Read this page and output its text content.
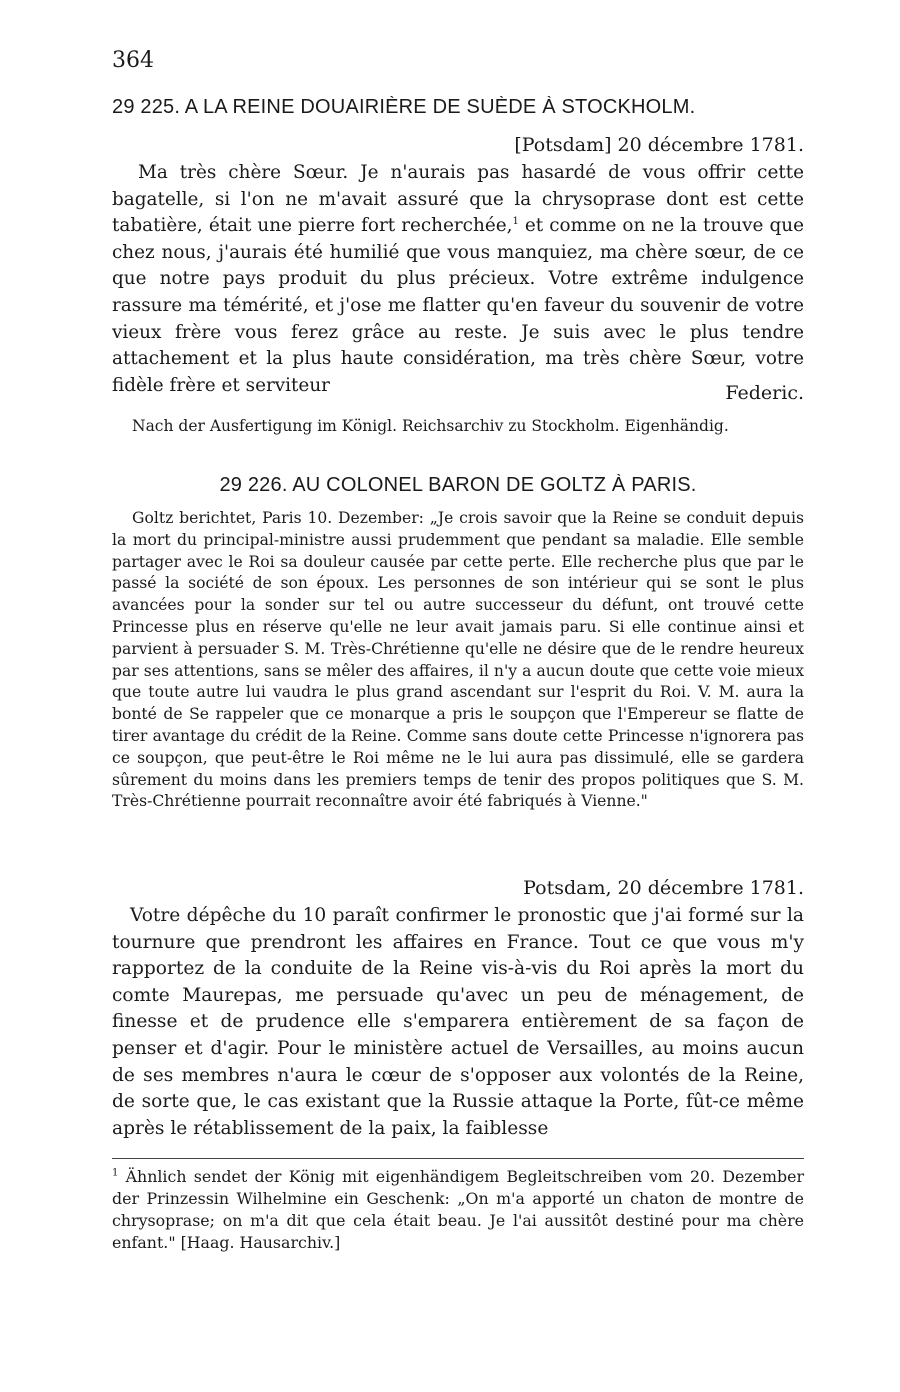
364
29 225. A LA REINE DOUAIRIÈRE DE SUÈDE À STOCKHOLM.
[Potsdam] 20 décembre 1781.
Ma très chère Sœur. Je n'aurais pas hasardé de vous offrir cette bagatelle, si l'on ne m'avait assuré que la chrysoprase dont est cette tabatière, était une pierre fort recherchée,$^1$ et comme on ne la trouve que chez nous, j'aurais été humilié que vous manquiez, ma chère sœur, de ce que notre pays produit du plus précieux. Votre extrême indulgence rassure ma témérité, et j'ose me flatter qu'en faveur du souvenir de votre vieux frère vous ferez grâce au reste. Je suis avec le plus tendre attachement et la plus haute considération, ma très chère Sœur, votre fidèle frère et serviteur	Federic.
Nach der Ausfertigung im Königl. Reichsarchiv zu Stockholm. Eigenhändig.
29 226. AU COLONEL BARON DE GOLTZ À PARIS.
Goltz berichtet, Paris 10. Dezember: „Je crois savoir que la Reine se conduit depuis la mort du principal-ministre aussi prudemment que pendant sa maladie. Elle semble partager avec le Roi sa douleur causée par cette perte. Elle recherche plus que par le passé la société de son époux. Les personnes de son intérieur qui se sont le plus avancées pour la sonder sur tel ou autre successeur du défunt, ont trouvé cette Princesse plus en réserve qu'elle ne leur avait jamais paru. Si elle continue ainsi et parvient à persuader S. M. Très-Chrétienne qu'elle ne désire que de le rendre heureux par ses attentions, sans se mêler des affaires, il n'y a aucun doute que cette voie mieux que toute autre lui vaudra le plus grand ascendant sur l'esprit du Roi. V. M. aura la bonté de Se rappeler que ce monarque a pris le soupçon que l'Empereur se flatte de tirer avantage du crédit de la Reine. Comme sans doute cette Princesse n'ignorera pas ce soupçon, que peut-être le Roi même ne le lui aura pas dissimulé, elle se gardera sûrement du moins dans les premiers temps de tenir des propos politiques que S. M. Très-Chrétienne pourrait reconnaître avoir été fabriqués à Vienne."
Potsdam, 20 décembre 1781.
Votre dépêche du 10 paraît confirmer le pronostic que j'ai formé sur la tournure que prendront les affaires en France. Tout ce que vous m'y rapportez de la conduite de la Reine vis-à-vis du Roi après la mort du comte Maurepas, me persuade qu'avec un peu de ménagement, de finesse et de prudence elle s'emparera entièrement de sa façon de penser et d'agir. Pour le ministère actuel de Versailles, au moins aucun de ses membres n'aura le cœur de s'opposer aux volontés de la Reine, de sorte que, le cas existant que la Russie attaque la Porte, fût-ce même après le rétablissement de la paix, la faiblesse
$^1$ Ähnlich sendet der König mit eigenhändigem Begleitschreiben vom 20. Dezember der Prinzessin Wilhelmine ein Geschenk: „On m'a apporté un chaton de montre de chrysoprase; on m'a dit que cela était beau. Je l'ai aussitôt destiné pour ma chère enfant." [Haag. Hausarchiv.]
